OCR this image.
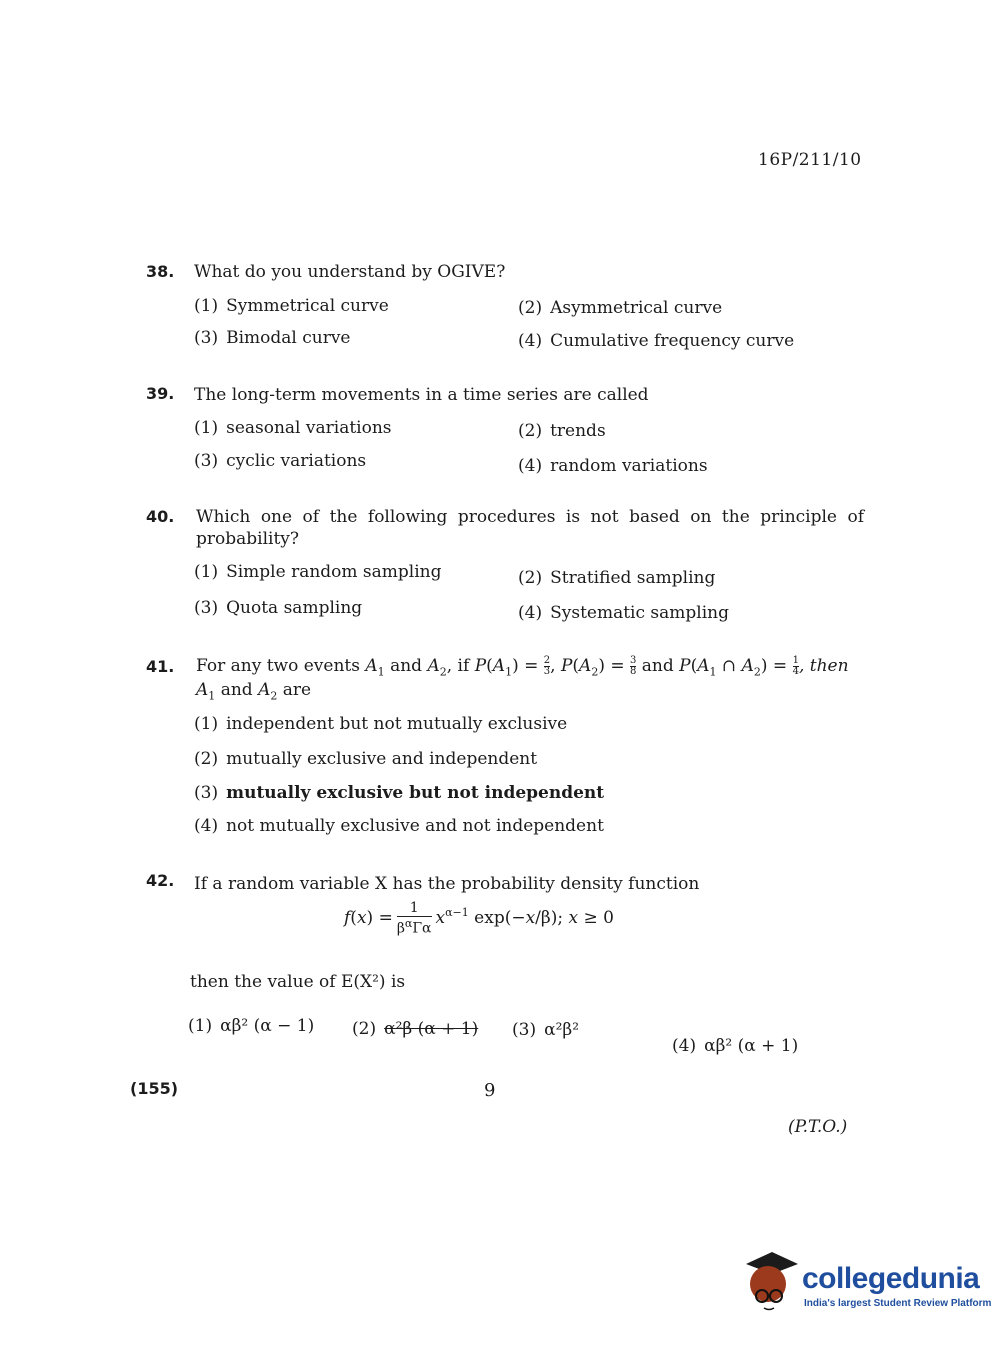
16P/211/10
38. What do you understand by OGIVE?
(1) Symmetrical curve	(2) Asymmetrical curve
(3) Bimodal curve	(4) Cumulative frequency curve
39. The long-term movements in a time series are called
(1) seasonal variations	(2) trends
(3) cyclic variations	(4) random variations
40. Which one of the following procedures is not based on the principle of
probability?
(1) Simple random sampling	(2) Stratified sampling
(3) Quota sampling	(4) Systematic sampling
41. For any two events $A_1$ and $A_2$, if $P(A_1) = \frac{2}{3}$ , $P(A_2) = \frac{3}{8}$ and $P(A_1$ ∩ $A_2) = \frac{1}{4}$ , then
$A_1$ and $A_2$ are
(1) independent but not mutually exclusive
(2) mutually exclusive and independent
(3) mutually exclusive but not independent
(4) not mutually exclusive and not independent
42. If a random variable X has the probability density function
$f(x) = \frac{1}{\beta^\alpha\Gamma\alpha} x^{\alpha-1}$ exp(−x/β); x ≥ 0
then the value of E(X²) is
(1) αβ² (α − 1) (2) α²β (α + 1) (3) α²β²
(4) αβ² (α + 1)
(155)	9
(P.T.O.)
collegedunia
India's largest Student Review Platform
